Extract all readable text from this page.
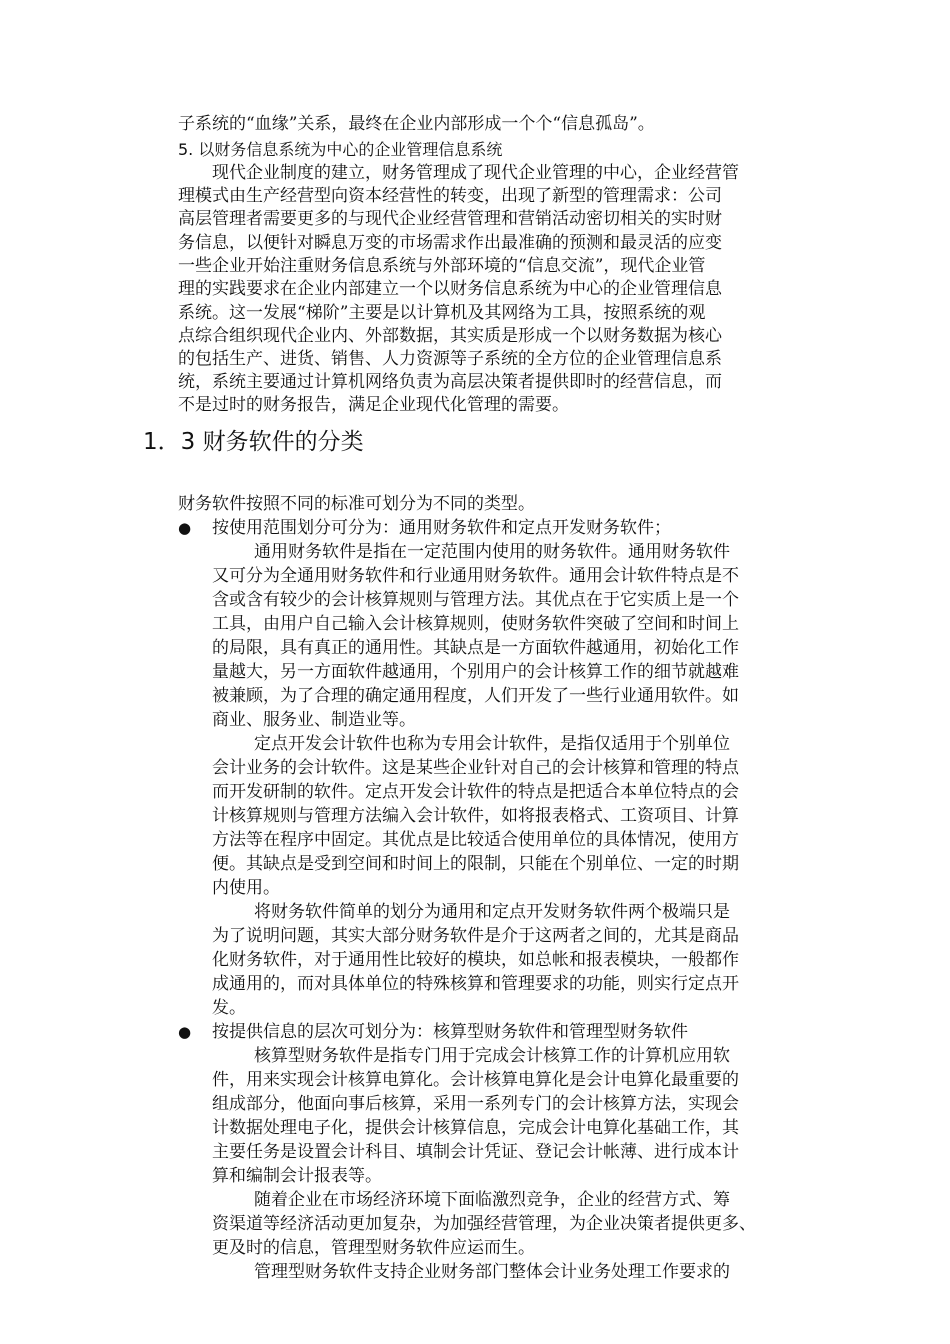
子系统的“血缘”关系，最终在企业内部形成一个个“信息孤岛”。
5. 以财务信息系统为中心的企业管理信息系统
现代企业制度的建立，财务管理成了现代企业管理的中心，企业经营管
理模式由生产经营型向资本经营性的转变，出现了新型的管理需求：公司
高层管理者需要更多的与现代企业经营管理和营销活动密切相关的实时财
务信息，以便针对瞬息万变的市场需求作出最准确的预测和最灵活的应变
一些企业开始注重财务信息系统与外部环境的“信息交流”，现代企业管
理的实践要求在企业内部建立一个以财务信息系统为中心的企业管理信息
系统。这一发展“梯阶”主要是以计算机及其网络为工具，按照系统的观
点综合组织现代企业内、外部数据，其实质是形成一个以财务数据为核心
的包括生产、进货、销售、人力资源等子系统的全方位的企业管理信息系
统，系统主要通过计算机网络负责为高层决策者提供即时的经营信息，而
不是过时的财务报告，满足企业现代化管理的需要。
1．3 财务软件的分类
财务软件按照不同的标准可划分为不同的类型。
● 按使用范围划分可分为：通用财务软件和定点开发财务软件；
通用财务软件是指在一定范围内使用的财务软件。通用财务软件
又可分为全通用财务软件和行业通用财务软件。通用会计软件特点是不
含或含有较少的会计核算规则与管理方法。其优点在于它实质上是一个
工具，由用户自己输入会计核算规则，使财务软件突破了空间和时间上
的局限，具有真正的通用性。其缺点是一方面软件越通用，初始化工作
量越大，另一方面软件越通用，个别用户的会计核算工作的细节就越难
被兼顾，为了合理的确定通用程度，人们开发了一些行业通用软件。如
商业、服务业、制造业等。
定点开发会计软件也称为专用会计软件，是指仅适用于个别单位
会计业务的会计软件。这是某些企业针对自己的会计核算和管理的特点
而开发研制的软件。定点开发会计软件的特点是把适合本单位特点的会
计核算规则与管理方法编入会计软件，如将报表格式、工资项目、计算
方法等在程序中固定。其优点是比较适合使用单位的具体情况，使用方
便。其缺点是受到空间和时间上的限制，只能在个别单位、一定的时期
内使用。
将财务软件简单的划分为通用和定点开发财务软件两个极端只是
为了说明问题，其实大部分财务软件是介于这两者之间的，尤其是商品
化财务软件，对于通用性比较好的模块，如总帐和报表模块，一般都作
成通用的，而对具体单位的特殊核算和管理要求的功能，则实行定点开
发。
● 按提供信息的层次可划分为：核算型财务软件和管理型财务软件
核算型财务软件是指专门用于完成会计核算工作的计算机应用软
件，用来实现会计核算电算化。会计核算电算化是会计电算化最重要的
组成部分，他面向事后核算，采用一系列专门的会计核算方法，实现会
计数据处理电子化，提供会计核算信息，完成会计电算化基础工作，其
主要任务是设置会计科目、填制会计凭证、登记会计帐薄、进行成本计
算和编制会计报表等。
随着企业在市场经济环境下面临激烈竞争，企业的经营方式、筹
资渠道等经济活动更加复杂，为加强经营管理，为企业决策者提供更多、
更及时的信息，管理型财务软件应运而生。
管理型财务软件支持企业财务部门整体会计业务处理工作要求的
